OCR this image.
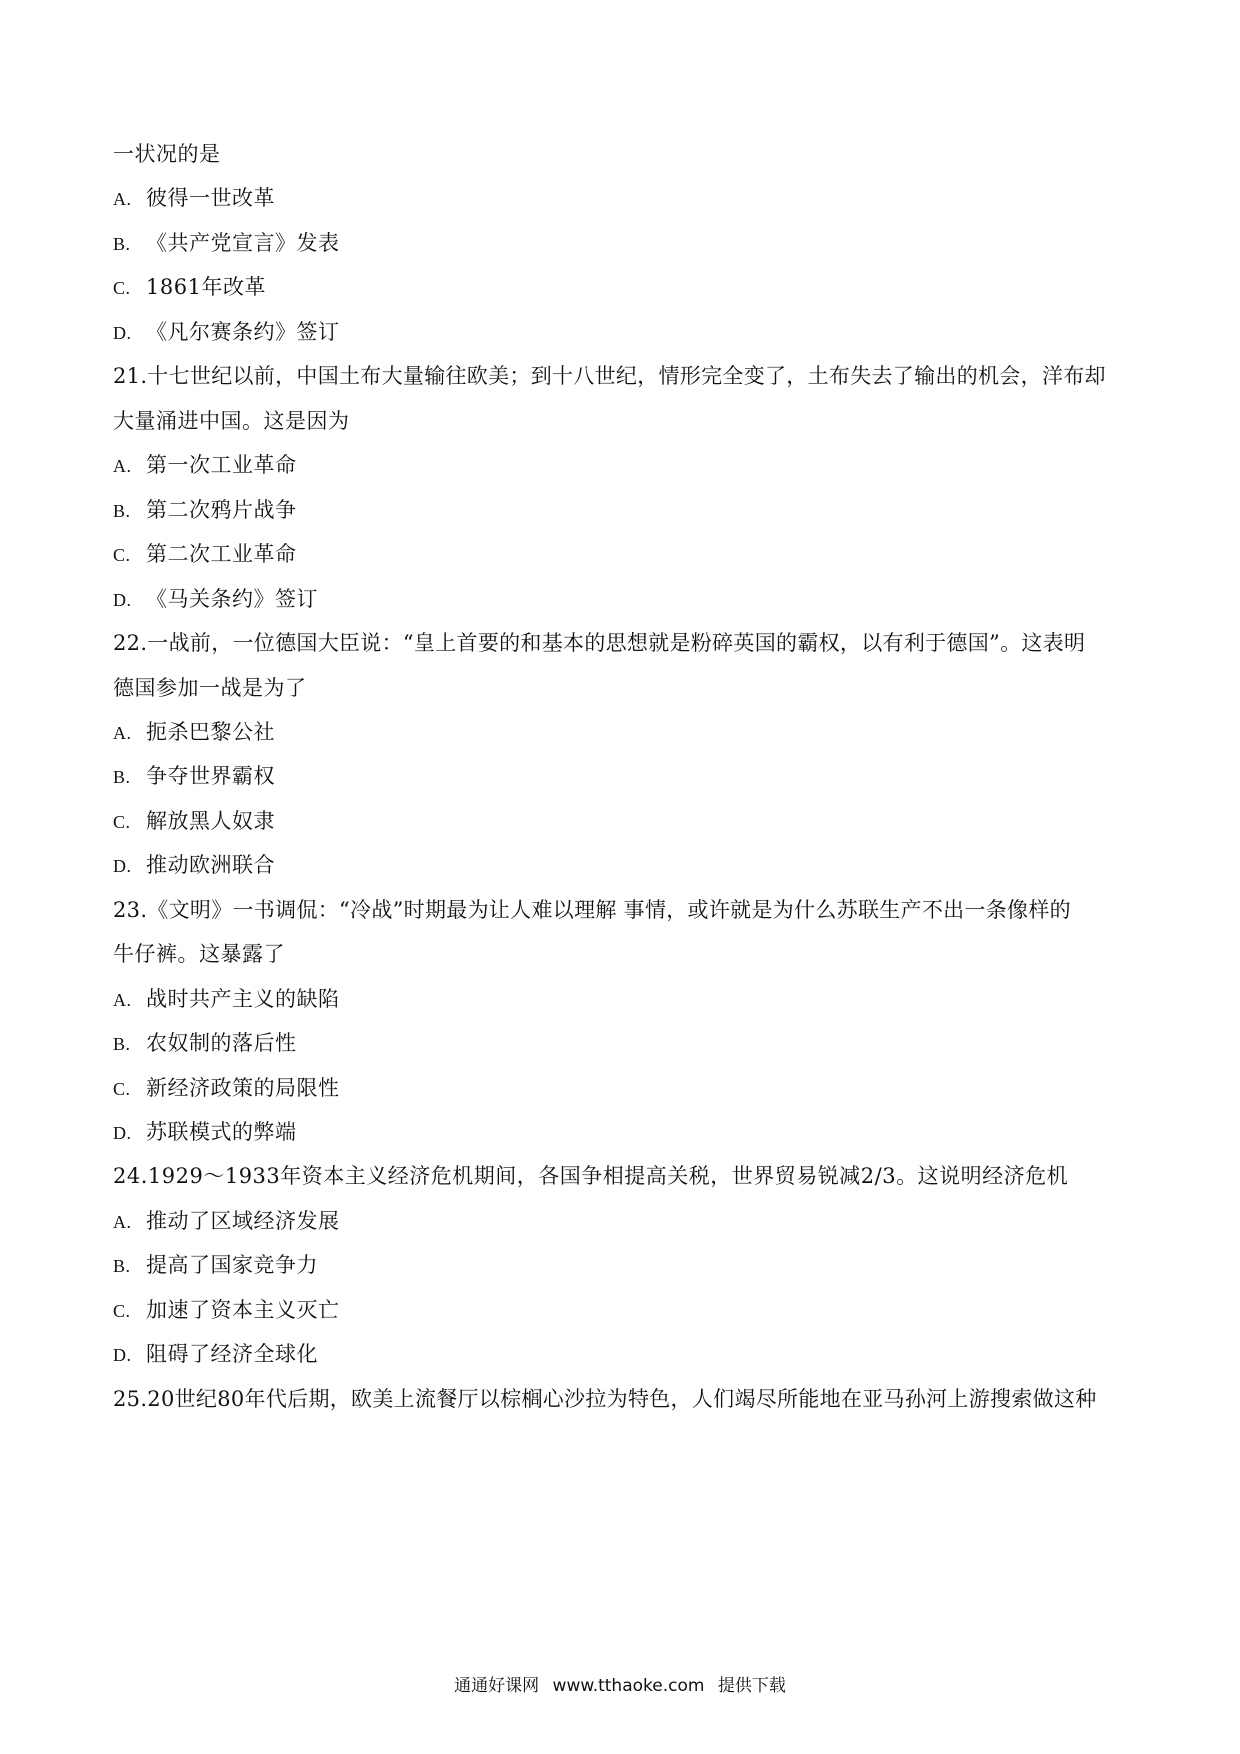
一状况的是
A. 彼得一世改革
B. 《共产党宣言》发表
C. 1861年改革
D. 《凡尔赛条约》签订
21.十七世纪以前，中国土布大量输往欧美；到十八世纪，情形完全变了，土布失去了输出的机会，洋布却
大量涌进中国。这是因为
A. 第一次工业革命
B. 第二次鸦片战争
C. 第二次工业革命
D. 《马关条约》签订
22.一战前，一位德国大臣说：“皇上首要的和基本的思想就是粉碎英国的霸权，以有利于德国”。这表明
德国参加一战是为了
A. 扼杀巴黎公社
B. 争夺世界霸权
C. 解放黑人奴隶
D. 推动欧洲联合
23.《文明》一书调侃：“冷战”时期最为让人难以理解 事情，或许就是为什么苏联生产不出一条像样的
牛仔裤。这暴露了
A. 战时共产主义的缺陷
B. 农奴制的落后性
C. 新经济政策的局限性
D. 苏联模式的弊端
24.1929～1933年资本主义经济危机期间，各国争相提高关税，世界贸易锐减2/3。这说明经济危机
A. 推动了区域经济发展
B. 提高了国家竞争力
C. 加速了资本主义灭亡
D. 阻碍了经济全球化
25.20世纪80年代后期，欧美上流餐厅以棕榈心沙拉为特色，人们竭尽所能地在亚马孙河上游搜索做这种
通通好课网 www.tthaoke.com 提供下载
